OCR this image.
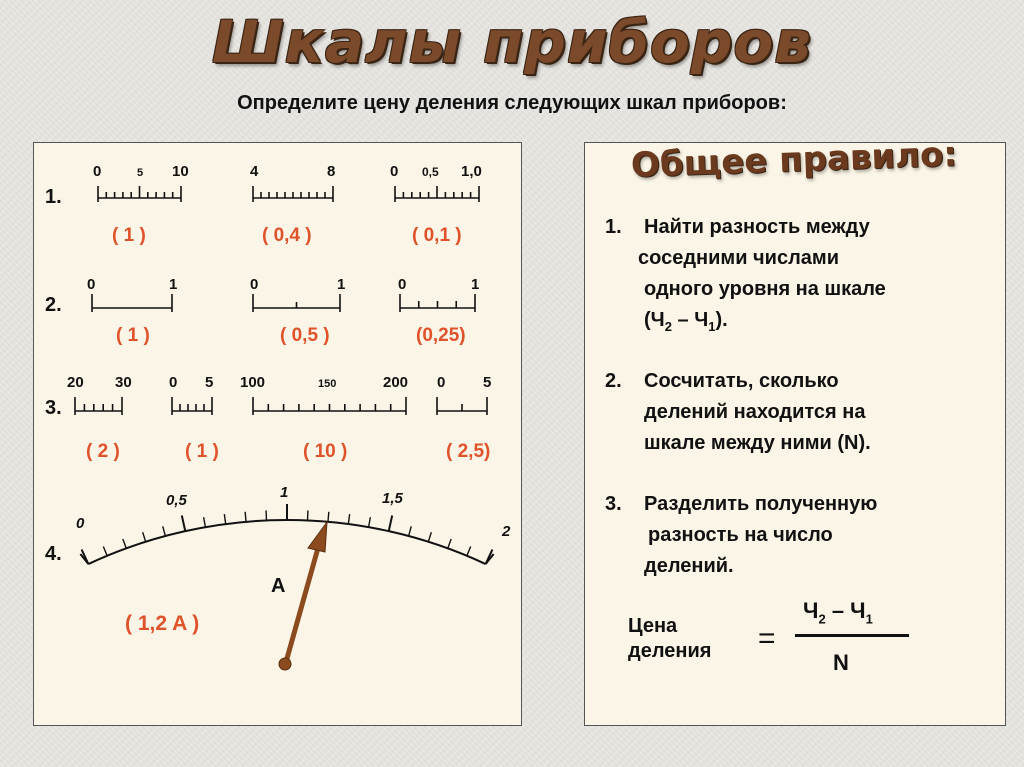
Шкалы приборов
Определите цену деления следующих шкал приборов:
1.
2.
3.
4.
0	5 10	4	8	0 0,5 1,0
0	1	0	1	0	1
20 30 0 5 100	150	200 0	5
0
0,5	1	1,5
2
A
( 1 )	( 0,4 )	( 0,1 )
( 1 )	( 0,5 )	(0,25)
( 2 )	( 1 )	( 10 )	( 2,5)
( 1,2 A )
Общее правило:
1. Найти разность между
соседними числами
одного уровня на шкале
$(Ч_2 - Ч_1)$.
2. Сосчитать, сколько
делений находится на
шкале между ними (N).
3. Разделить полученную
разность на число
делений.
Цена
деления =
$Ч_2 - Ч_1$
N
